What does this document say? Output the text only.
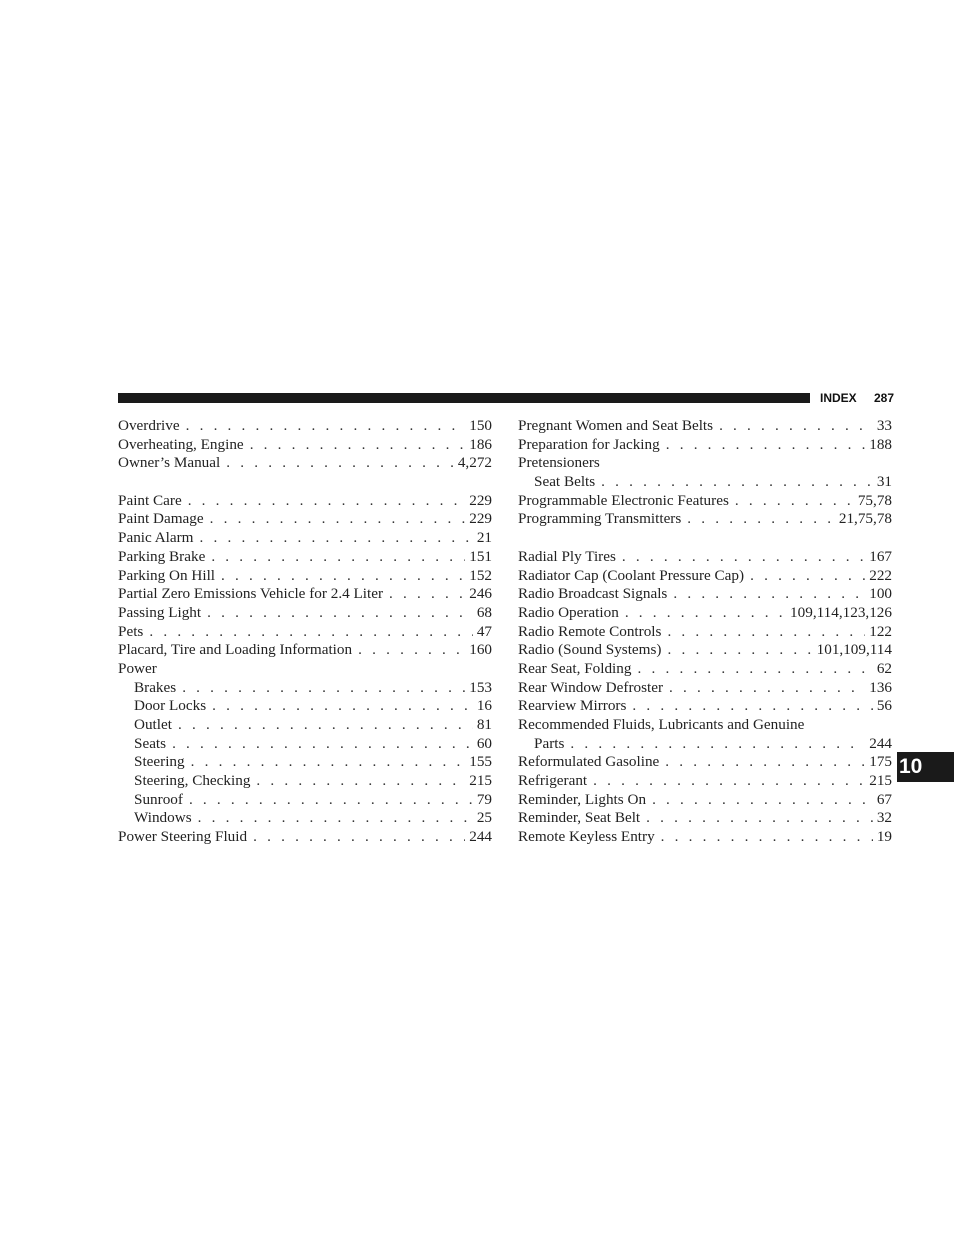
INDEX 287
Overdrive . . .	150
Overheating, Engine . . .	186
Owner’s Manual . . .	4,272
Paint Care . . .	229
Paint Damage . . .	229
Panic Alarm . . .	21
Parking Brake . . .	151
Parking On Hill . . .	152
Partial Zero Emissions Vehicle for 2.4 Liter . . .	246
Passing Light . . .	68
Pets . . .	47
Placard, Tire and Loading Information . . .	160
Power
Brakes . . .	153
Door Locks . . .	16
Outlet . . .	81
Seats . . .	60
Steering . . .	155
Steering, Checking . . .	215
Sunroof . . .	79
Windows . . .	25
Power Steering Fluid . . .	244
Pregnant Women and Seat Belts . . .	33
Preparation for Jacking . . .	188
Pretensioners
Seat Belts . . .	31
Programmable Electronic Features . . .	75,78
Programming Transmitters . . .	21,75,78
Radial Ply Tires . . .	167
Radiator Cap (Coolant Pressure Cap) . . .	222
Radio Broadcast Signals . . .	100
Radio Operation . . .	109,114,123,126
Radio Remote Controls . . .	122
Radio (Sound Systems) . . .	101,109,114
Rear Seat, Folding . . .	62
Rear Window Defroster . . .	136
Rearview Mirrors . . .	56
Recommended Fluids, Lubricants and Genuine
Parts . . .	244
Reformulated Gasoline . . .	175
Refrigerant . . .	215
Reminder, Lights On . . .	67
Reminder, Seat Belt . . .	32
Remote Keyless Entry . . .	19
10
